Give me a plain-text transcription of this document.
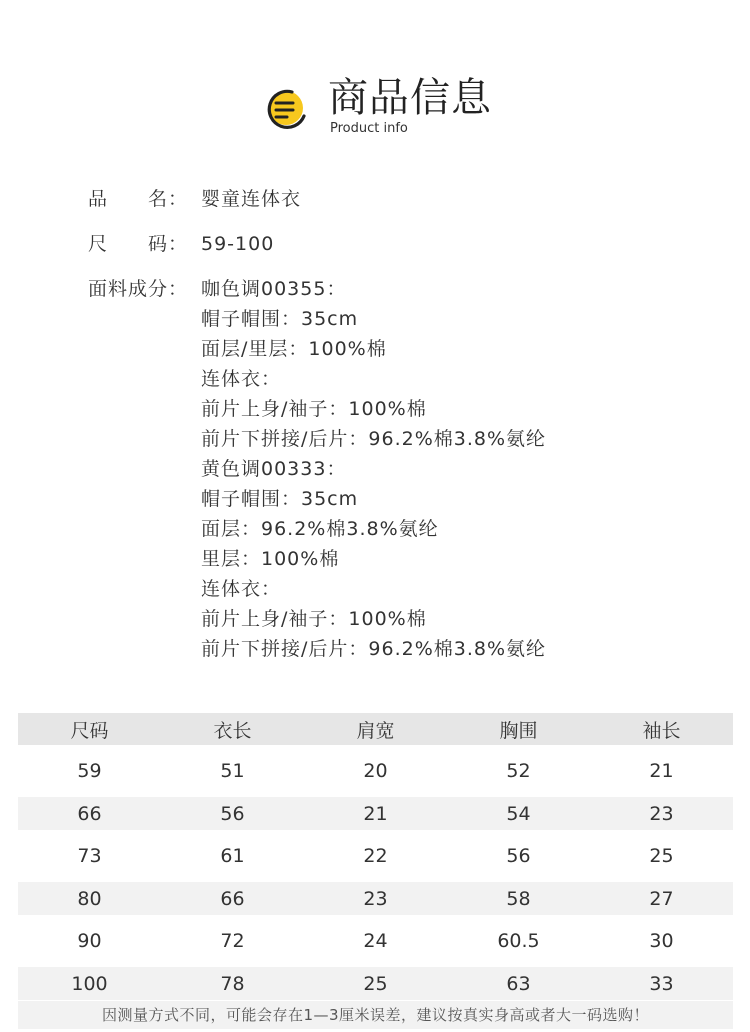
商品信息
Product info
品　　名： 婴童连体衣
尺　　码： 59-100
面料成分： 咖色调00355：
帽子帽围：35cm
面层/里层：100%棉
连体衣：
前片上身/袖子：100%棉
前片下拼接/后片：96.2%棉3.8%氨纶
黄色调00333：
帽子帽围：35cm
面层：96.2%棉3.8%氨纶
里层：100%棉
连体衣：
前片上身/袖子：100%棉
前片下拼接/后片：96.2%棉3.8%氨纶
尺码	衣长	肩宽	胸围	袖长
59	51	20	52	21
66	56	21	54	23
73	61	22	56	25
80	66	23	58	27
90	72	24	60.5	30
100	78	25	63	33
因测量方式不同，可能会存在1—3厘米误差，建议按真实身高或者大一码选购！
